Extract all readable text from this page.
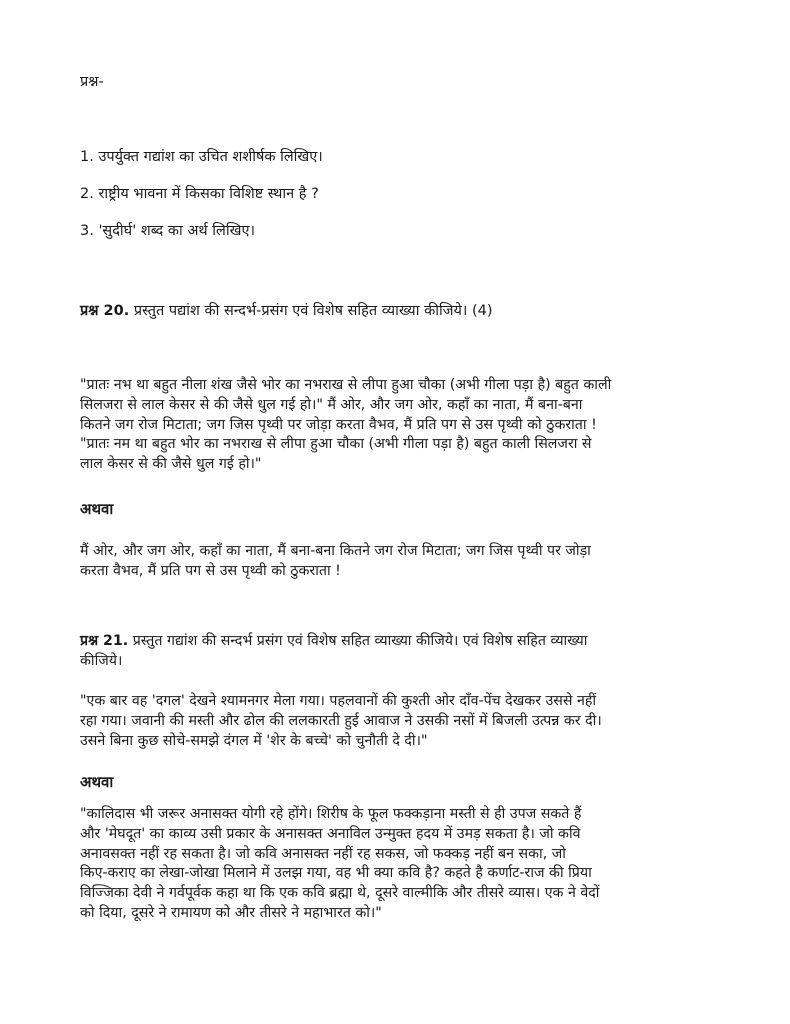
प्रश्न-

1. उपर्युक्त गद्यांश का उचित शशीर्षक लिखिए।

2. राष्ट्रीय भावना में किसका विशिष्ट स्थान है ?

3. 'सुदीर्घ' शब्द का अर्थ लिखिए।

प्रश्न 20. प्रस्तुत पद्यांश की सन्दर्भ-प्रसंग एवं विशेष सहित व्याख्या कीजिये। (4)

"प्रातः नभ था बहुत नीला शंख जैसे भोर का नभराख से लीपा हुआ चौका (अभी गीला पड़ा है) बहुत काली
सिलजरा से लाल केसर से की जैसे धुल गई हो।" मैं ओर, और जग ओर, कहाँ का नाता, मैं बना-बना
कितने जग रोज मिटाता; जग जिस पृथ्वी पर जोड़ा करता वैभव, मैं प्रति पग से उस पृथ्वी को ठुकराता !
"प्रातः नम था बहुत भोर का नभराख से लीपा हुआ चौका (अभी गीला पड़ा है) बहुत काली सिलजरा से
लाल केसर से की जैसे धुल गई हो।"

अथवा

मैं ओर, और जग ओर, कहाँ का नाता, मैं बना-बना कितने जग रोज मिटाता; जग जिस पृथ्वी पर जोड़ा
करता वैभव, मैं प्रति पग से उस पृथ्वी को ठुकराता !
प्रश्न 21. प्रस्तुत गद्यांश की सन्दर्भ प्रसंग एवं विशेष सहित व्याख्या कीजिये। एवं विशेष सहित व्याख्या
कीजिये।
"एक बार वह 'दगल' देखने श्यामनगर मेला गया। पहलवानों की कुश्ती ओर दाँव-पेंच देखकर उससे नहीं
रहा गया। जवानी की मस्ती और ढोल की ललकारती हुई आवाज ने उसकी नसों में बिजली उत्पन्न कर दी।
उसने बिना कुछ सोचे-समझे दंगल में 'शेर के बच्चे' को चुनौती दे दी।"

अथवा

"कालिदास भी जरूर अनासक्त योगी रहे होंगे। शिरीष के फूल फक्कड़ाना मस्ती से ही उपज सकते हैं
और 'मेघदूत' का काव्य उसी प्रकार के अनासक्त अनाविल उन्मुक्त हदय में उमड़ सकता है। जो कवि
अनावसक्त नहीं रह सकता है। जो कवि अनासक्त नहीं रह सकस, जो फक्कड़ नहीं बन सका, जो
किए-कराए का लेखा-जोखा मिलाने में उलझ गया, वह भी क्या कवि है? कहते है कर्णाट-राज की प्रिया
विज्जिका देवी ने गर्वपूर्वक कहा था कि एक कवि ब्रह्मा थे, दूसरे वाल्मीकि और तीसरे व्यास। एक ने वेदों
को दिया, दूसरे ने रामायण को और तीसरे ने महाभारत को।"
